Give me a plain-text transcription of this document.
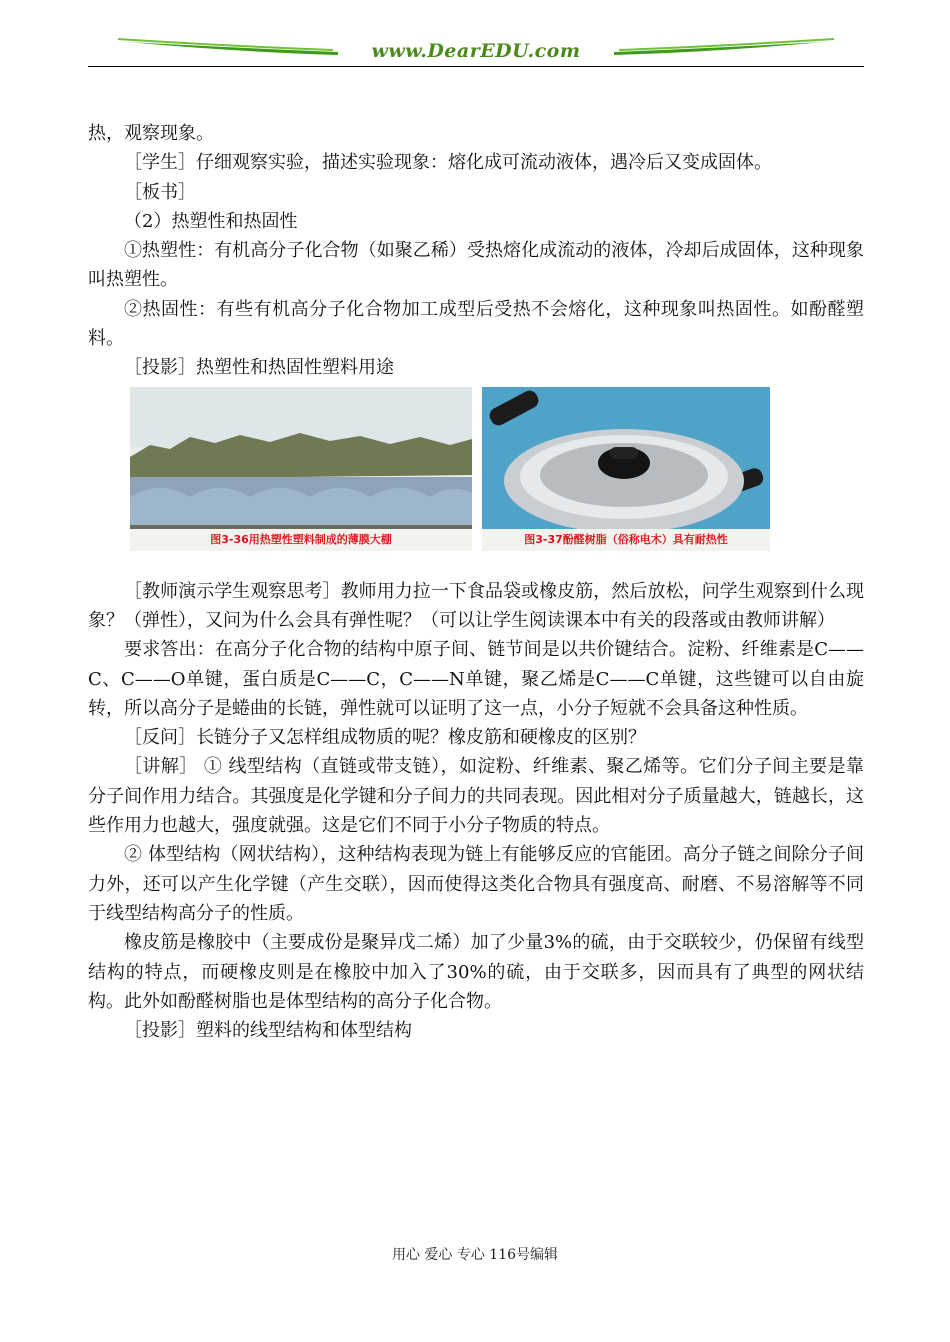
www.DearEDU.com

热，观察现象。

［学生］仔细观察实验，描述实验现象：熔化成可流动液体，遇冷后又变成固体。

［板书］

（2）热塑性和热固性

①热塑性：有机高分子化合物（如聚乙稀）受热熔化成流动的液体，冷却后成固体，这种现象叫热塑性。

②热固性：有些有机高分子化合物加工成型后受热不会熔化，这种现象叫热固性。如酚醛塑料。

［投影］热塑性和热固性塑料用途

图3-36用热塑性塑料制成的薄膜大棚	图3-37酚醛树脂（俗称电木）具有耐热性

［教师演示学生观察思考］教师用力拉一下食品袋或橡皮筋，然后放松，问学生观察到什么现象？（弹性），又问为什么会具有弹性呢？（可以让学生阅读课本中有关的段落或由教师讲解）

要求答出：在高分子化合物的结构中原子间、链节间是以共价键结合。淀粉、纤维素是C——C、C——O单键，蛋白质是C——C，C——N单键，聚乙烯是C——C单键，这些键可以自由旋转，所以高分子是蜷曲的长链，弹性就可以证明了这一点，小分子短就不会具备这种性质。

［反问］长链分子又怎样组成物质的呢？橡皮筋和硬橡皮的区别？

［讲解］ ① 线型结构（直链或带支链），如淀粉、纤维素、聚乙烯等。它们分子间主要是靠分子间作用力结合。其强度是化学键和分子间力的共同表现。因此相对分子质量越大，链越长，这些作用力也越大，强度就强。这是它们不同于小分子物质的特点。

② 体型结构（网状结构），这种结构表现为链上有能够反应的官能团。高分子链之间除分子间力外，还可以产生化学键（产生交联），因而使得这类化合物具有强度高、耐磨、不易溶解等不同于线型结构高分子的性质。

橡皮筋是橡胶中（主要成份是聚异戊二烯）加了少量3%的硫，由于交联较少，仍保留有线型结构的特点，而硬橡皮则是在橡胶中加入了30%的硫，由于交联多，因而具有了典型的网状结构。此外如酚醛树脂也是体型结构的高分子化合物。

［投影］塑料的线型结构和体型结构

用心 爱心 专心 116号编辑
